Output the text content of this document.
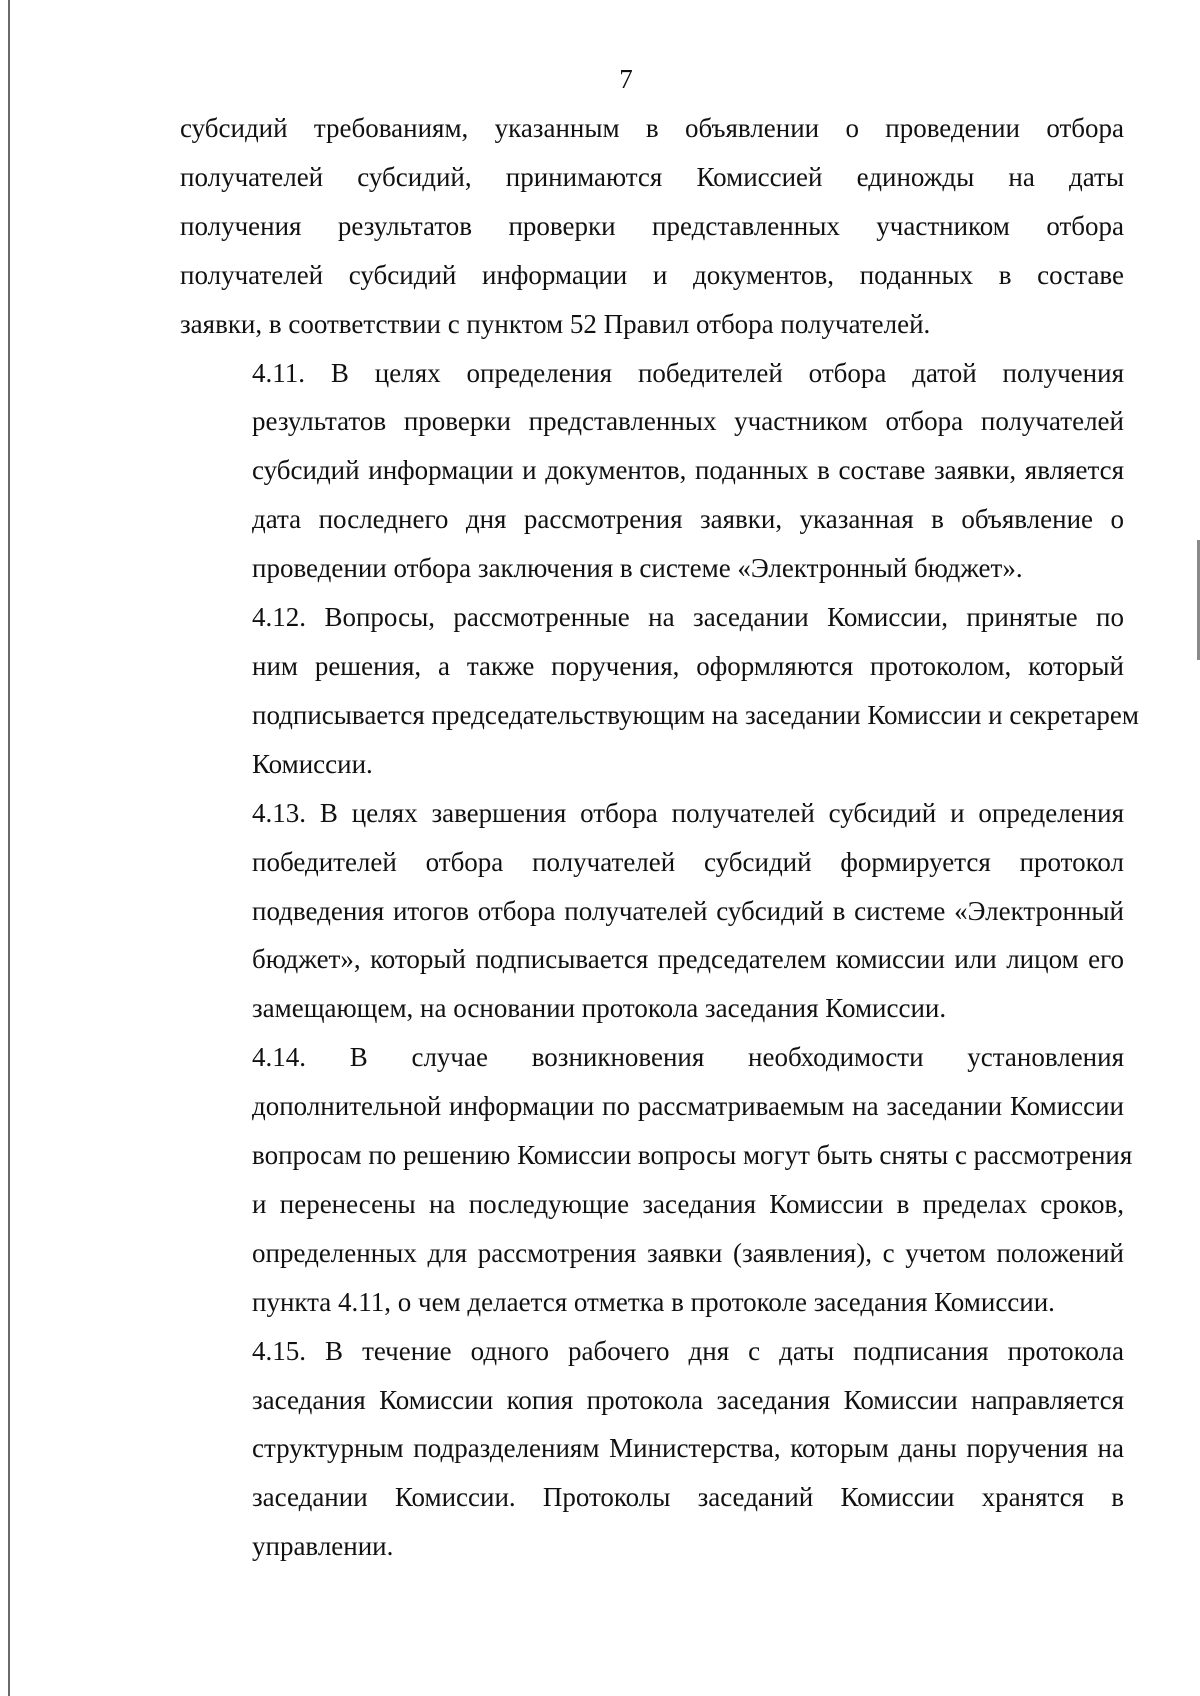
7

субсидий требованиям, указанным в объявлении о проведении отбора
получателей субсидий, принимаются Комиссией единожды на даты
получения результатов проверки представленных участником отбора
получателей субсидий информации и документов, поданных в составе
заявки, в соответствии с пунктом 52 Правил отбора получателей.

4.11. В целях определения победителей отбора датой получения
результатов проверки представленных участником отбора получателей
субсидий информации и документов, поданных в составе заявки, является
дата последнего дня рассмотрения заявки, указанная в объявление о
проведении отбора заключения в системе «Электронный бюджет».

4.12. Вопросы, рассмотренные на заседании Комиссии, принятые по
ним решения, а также поручения, оформляются протоколом, который
подписывается председательствующим на заседании Комиссии и секретарем
Комиссии.

4.13. В целях завершения отбора получателей субсидий и определения
победителей отбора получателей субсидий формируется протокол
подведения итогов отбора получателей субсидий в системе «Электронный
бюджет», который подписывается председателем комиссии или лицом его
замещающем, на основании протокола заседания Комиссии.

4.14. В случае возникновения необходимости установления
дополнительной информации по рассматриваемым на заседании Комиссии
вопросам по решению Комиссии вопросы могут быть сняты с рассмотрения
и перенесены на последующие заседания Комиссии в пределах сроков,
определенных для рассмотрения заявки (заявления), с учетом положений
пункта 4.11, о чем делается отметка в протоколе заседания Комиссии.

4.15. В течение одного рабочего дня с даты подписания протокола
заседания Комиссии копия протокола заседания Комиссии направляется
структурным подразделениям Министерства, которым даны поручения на
заседании Комиссии. Протоколы заседаний Комиссии хранятся в
управлении.
